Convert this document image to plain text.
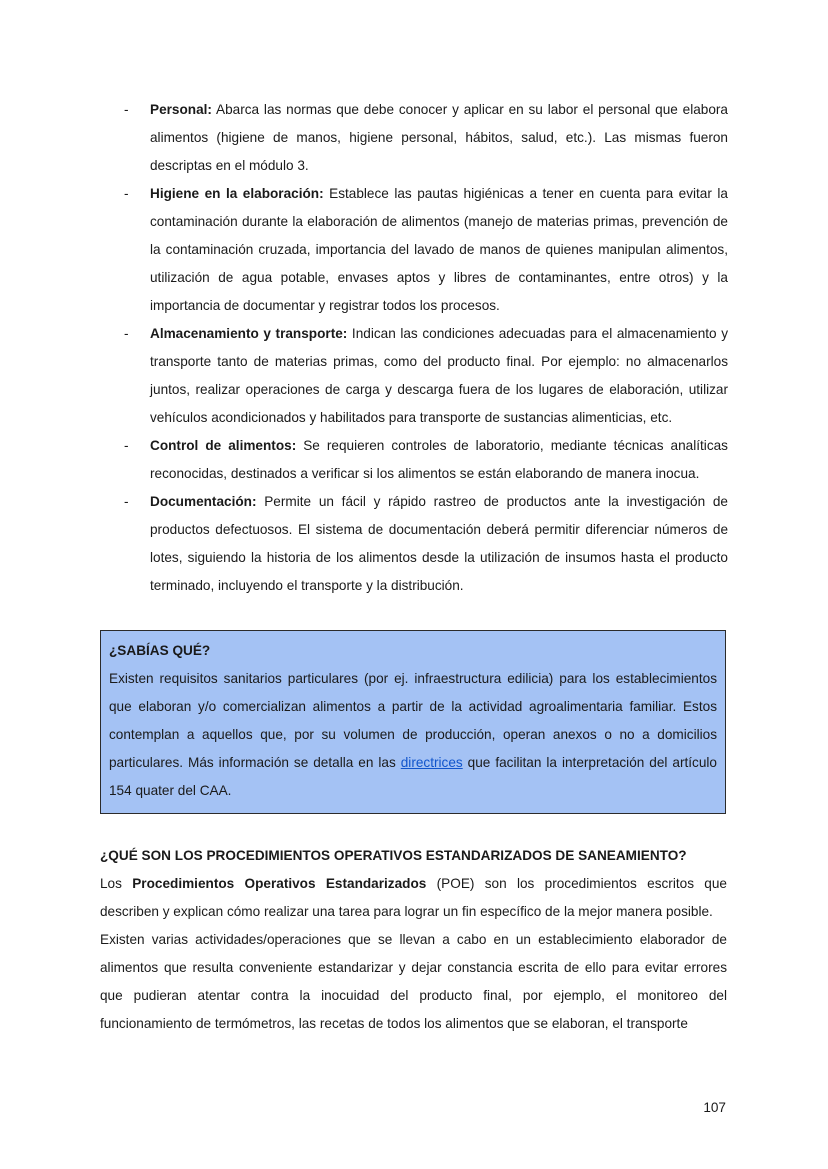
- Personal: Abarca las normas que debe conocer y aplicar en su labor el personal que elabora alimentos (higiene de manos, higiene personal, hábitos, salud, etc.). Las mismas fueron descriptas en el módulo 3.
- Higiene en la elaboración: Establece las pautas higiénicas a tener en cuenta para evitar la contaminación durante la elaboración de alimentos (manejo de materias primas, prevención de la contaminación cruzada, importancia del lavado de manos de quienes manipulan alimentos, utilización de agua potable, envases aptos y libres de contaminantes, entre otros) y la importancia de documentar y registrar todos los procesos.
- Almacenamiento y transporte: Indican las condiciones adecuadas para el almacenamiento y transporte tanto de materias primas, como del producto final. Por ejemplo: no almacenarlos juntos, realizar operaciones de carga y descarga fuera de los lugares de elaboración, utilizar vehículos acondicionados y habilitados para transporte de sustancias alimenticias, etc.
- Control de alimentos: Se requieren controles de laboratorio, mediante técnicas analíticas reconocidas, destinados a verificar si los alimentos se están elaborando de manera inocua.
- Documentación: Permite un fácil y rápido rastreo de productos ante la investigación de productos defectuosos. El sistema de documentación deberá permitir diferenciar números de lotes, siguiendo la historia de los alimentos desde la utilización de insumos hasta el producto terminado, incluyendo el transporte y la distribución.
¿SABÍAS QUÉ?
Existen requisitos sanitarios particulares (por ej. infraestructura edilicia) para los establecimientos que elaboran y/o comercializan alimentos a partir de la actividad agroalimentaria familiar. Estos contemplan a aquellos que, por su volumen de producción, operan anexos o no a domicilios particulares. Más información se detalla en las directrices que facilitan la interpretación del artículo 154 quater del CAA.
¿QUÉ SON LOS PROCEDIMIENTOS OPERATIVOS ESTANDARIZADOS DE SANEAMIENTO?

Los Procedimientos Operativos Estandarizados (POE) son los procedimientos escritos que describen y explican cómo realizar una tarea para lograr un fin específico de la mejor manera posible.

Existen varias actividades/operaciones que se llevan a cabo en un establecimiento elaborador de alimentos que resulta conveniente estandarizar y dejar constancia escrita de ello para evitar errores que pudieran atentar contra la inocuidad del producto final, por ejemplo, el monitoreo del funcionamiento de termómetros, las recetas de todos los alimentos que se elaboran, el transporte

107
